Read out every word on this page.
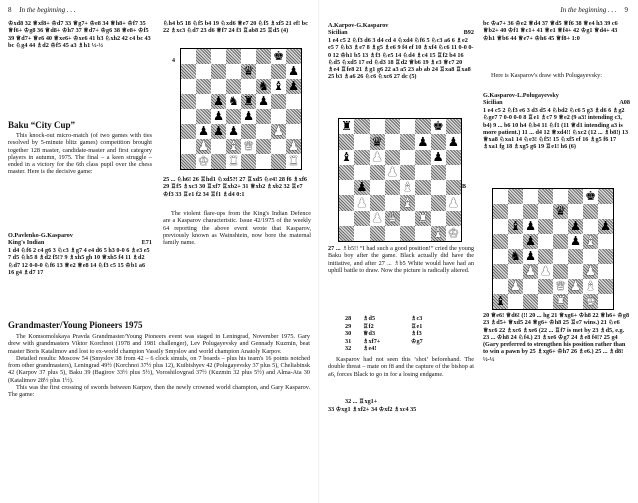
8 In the beginning . . .
♔xd8 32 ♕xf8+ ♔d7 33 ♕g7+ ♔e8 34 ♕h8+ ♔f7 35 ♕f6+ ♔g8 36 ♕d8+ ♔h7 37 ♕d7+ ♔g6 38 ♕e8+ ♔f5 39 ♕d7+ ♕e6 40 ♕xe6+ ♔xe6 41 b3 ♘xh2 42 c4 bc 43 bc ♘g4 44 ♗d2 ♔f5 45 a3 ♗h1 ½-½
Baku “City Cup”

This knock-out micro-match (of two games with ties resolved by 5-minute blitz games) competition brought together 128 master, candidate-master and first category players in autumn, 1975. The final – a keen struggle – ended in a victory for the 6th class pupil over the chess master. Here is the decisive game:

O.Pavlenko-G.Kasparov
King's Indian	E71
1 d4 ♘f6 2 c4 g6 3 ♘c3 ♗g7 4 e4 d6 5 h3 0-0 6 ♗e3 e5 7 d5 ♘h5 8 ♗d2 f5!? 9 ♗xh5 gh 10 ♕xh5 f4 11 ♗d2 ♘d7 12 0-0-0 ♘f6 13 ♕e2 ♕e8 14 ♘f3 c5 15 ♔b1 a6 16 g4 ♗d7 17
♘h4 b5 18 ♘f5 b4 19 ♘xd6 ♕e7 20 ♘f5 ♗xf5 21 ef! bc 22 ♗xc3 ♘d7 23 d6 ♕f7 24 f3 ♖ab8 25 ♖d5 (4)
4	♚
♛	♟
♞ ♝ ♟
♟ ♞ ♜ ♟
♟ ♟
♟ ♟ ♟	♟
♟ ♝ ♛	♟
♚ ♜	♜
25 ... ♘h6! 26 ♖hd1 ♘xd5?! 27 ♖xd5 ♘e4! 28 f6 ♗xf6 29 ♖f5 ♗xc3 30 ♖xf7 ♖xb2+ 31 ♕xb2 ♗xb2 32 ♖e7 ♔f3 33 ♖e1 f2 34 ♖f1 ♗d4 0:1

The violent flare-ups from the King's Indian Defence are a Kasparov characteristic. Issue 42/1975 of the weekly 64 reporting the above event wrote that Kasparov, previously known as Wainshtein, now bore the maternal family name.

Grandmaster/Young Pioneers 1975

The Komsomolskaya Pravda Grandmaster/Young Pioneers event was staged in Leningrad, November 1975. Gary drew with grandmasters Viktor Korchnoi (1978 and 1981 challenger), Lev Polugayevsky and Gennady Kuzmin, beat master Boris Katalimov and lost to ex-world champion Vassily Smyslov and world champion Anatoly Karpov.

Detailed results: Moscow 54 (Smyslov 38 from 42 – 6 clock simuls, on 7 boards – plus his team's 16 points notched from other grandmasters), Leningrad 49½ (Korchnoi 37½ plus 12), Kuibishyev 42 (Polugayevsky 37 plus 5), Cheliabinsk 42 (Karpov 37 plus 5), Baku 39 (Bagirov 33½ plus 5½), Voroshilovgrad 37½ (Kuzmin 32 plus 5½) and Alma-Ata 30 (Katalimov 28½ plus 1½).

This was the first crossing of swords between Karpov, then the newly crowned world champion, and Gary Kasparov. The game:

In the beginning . . . 9
A.Karpov-G.Kasparov
Sicilian	B92
1 e4 c5 2 ♘f3 d6 3 d4 cd 4 ♘xd4 ♘f6 5 ♘c3 a6 6 ♗e2 e5 7 ♘b3 ♗e7 8 ♗g5 ♗e6 9 f4 ef 10 ♗xf4 ♘c6 11 0-0 0-0 12 ♔h1 b5 13 ♗f3 ♘e5 14 ♘d4 ♗c4 15 ♖f2 b4 16 ♘d5 ♘xd5 17 ed ♘d3 18 ♖d2 ♕b6 19 ♗e3 ♕c7 20 ♗e4 ♖fe8 21 ♗g1 g6 22 a3 a5 23 ab ab 24 ♖xa8 ♖xa8 25 b3 ♗a6 26 ♘c6 ♘xc6 27 dc (5)
♜	♚
♛	♟ ♟
♝ ♟	♟
♟
♟	♝
♟	♝	♟
♟ ♛ ♜
♝ ♚
B

27 ... ♗b5!! “I had such a good position!” cried the young Baku boy after the game. Black actually did have the initiative, and after 27 ... ♗b5 White would have had an uphill battle to draw. Now the picture is radically altered.

28	♗d5	♗c3
29	♖f2	♖e1
30	♕d3	♗f3
31	♗xf7+	♔g7
32	♗e4!

Kasparov had not seen this ‘shot’ beforehand. The double threat – mate on f8 and the capture of the bishop at a6, forces Black to go in for a losing endgame.

32 ... ♖xg1+
33 ♔xg1 ♗xf2+ 34 ♔xf2 ♗xc4 35
bc ♔a7+ 36 ♔e2 ♕d4 37 ♕d5 ♕f6 38 ♕e4 h3 39 c6 ♕b2+ 40 ♔f1 ♕c1+ 41 ♕e1 ♕f4+ 42 ♔g1 ♕d4+ 43 ♔h1 ♕b6 44 ♕e7+ ♔h6 45 ♕f8+ 1:0

Here is Kasparov's draw with Polugayevsky:

G.Kasparov-L.Polugayevsky
Sicilian	A08
1 e4 c5 2 ♘f3 e6 3 d3 d5 4 ♘bd2 ♘c6 5 g3 ♗d6 6 ♗g2 ♘ge7 7 0-0 0-0 8 ♖e1 ♗c7 9 ♕e2 (9 a3! intending c3, b4) 9 ... b6 10 h4 ♘b4 11 ♘f1 (11 ♕d1 intending a3 is more patient.) 11 ... d4 12 ♕xd4!! ♘xc2 (12 ... ♗b8!) 13 ♕xa8 ♘xa1 14 ♘e3! ♘f5! 15 ♘xf5 ef 16 ♗g5 f6 17 ♗xa1 fg 18 ♗xg5 g6 19 ♖e1! h6 (6)
♚
♛
♝ ♟	♟ ♟
♟	♟ ♝
♞ ♟
♟ ♟	♟
♟	♛ ♟ ♝
♝	♜ ♚
20 ♕e6! ♕d6! (!! 20 ... hg 21 ♕xg6+ ♔h8 22 ♕h6+ ♔g8 23 ♗d5+ ♕xd5 24 ♕g6+ ♔h8 25 ♖e7 wins.) 21 ♘e6 ♕xc6 22 ♗xc6 ♗xe6 (22 ... ♖f7 is met by 23 ♗d5, e.g. 23 ... ♔h8 24 ♘f4.) 23 ♗xe6 ♔g7 24 ♗e8 f4!? 25 g4 (Gary preferred to strengthen his position rather than to win a pawn by 25 ♗xg6+ ♔h7 26 ♗e6.) 25 ... ♗d8! ½-½
